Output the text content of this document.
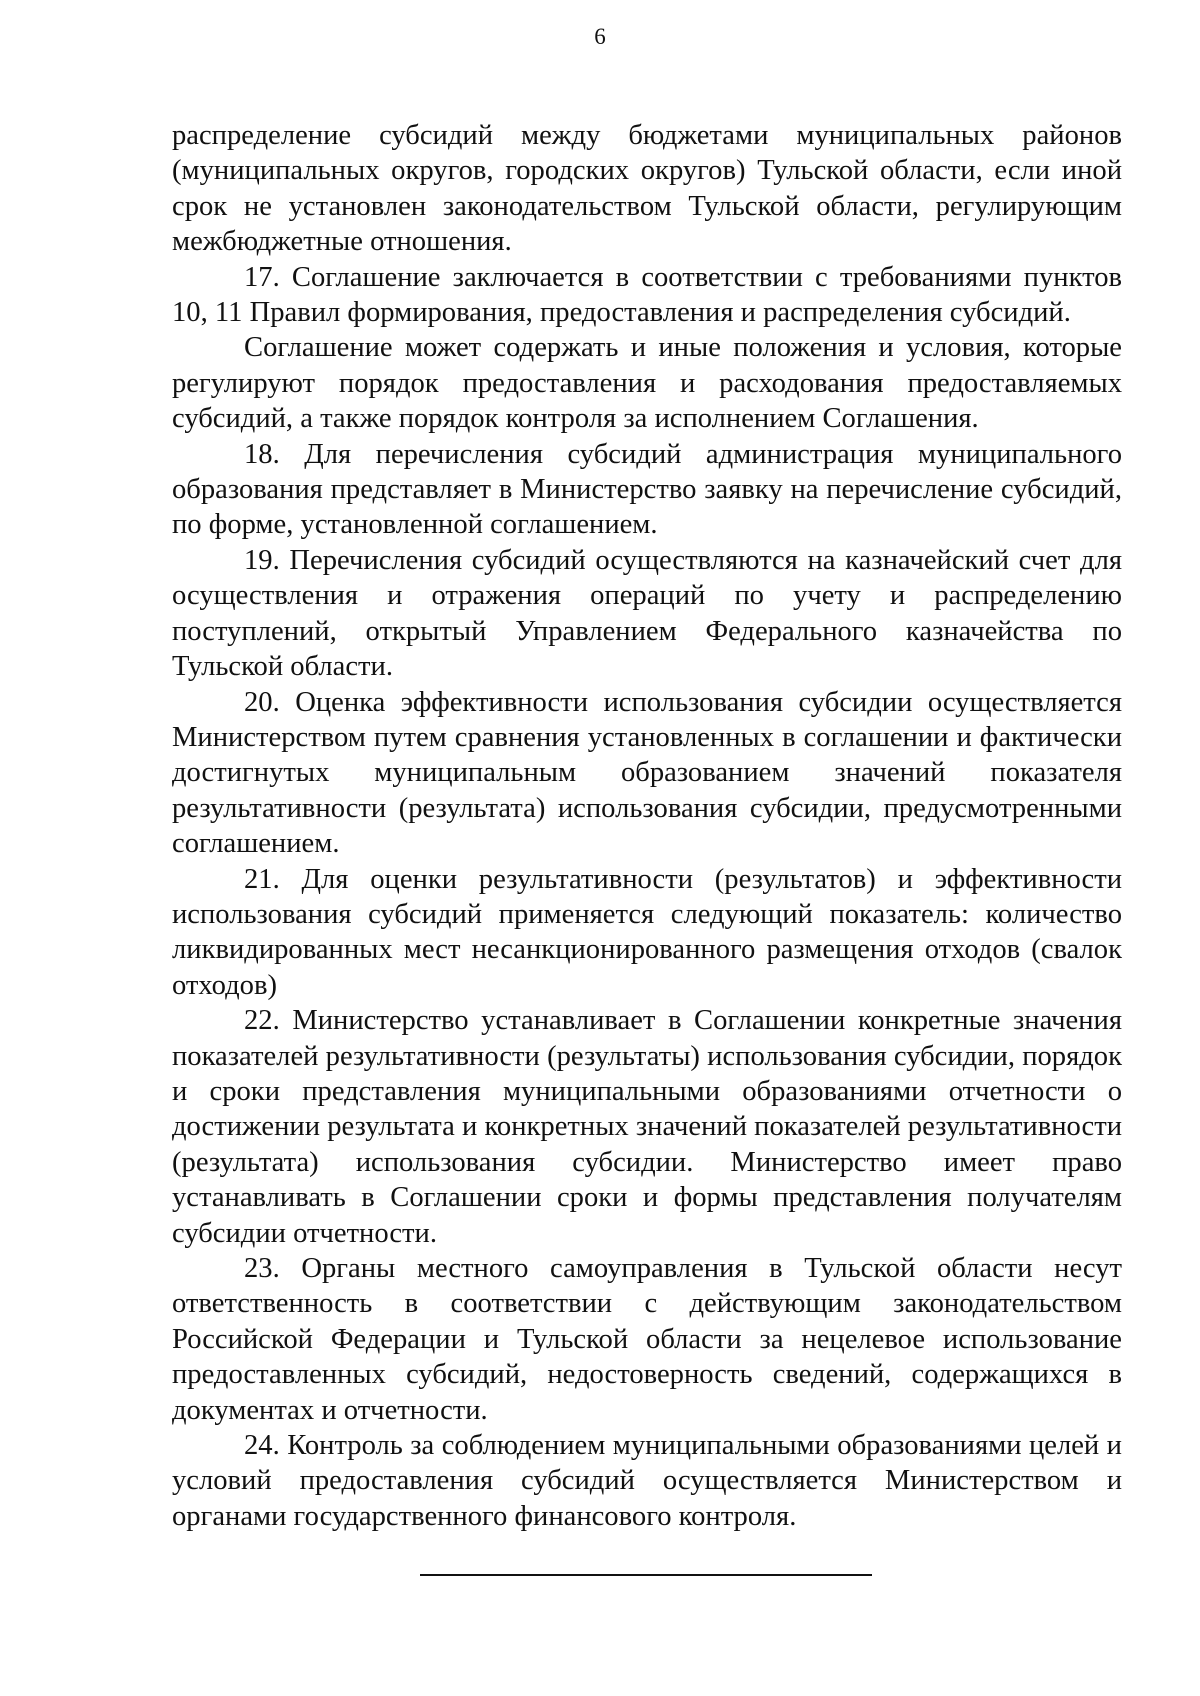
6

распределение субсидий между бюджетами муниципальных районов (муниципальных округов, городских округов) Тульской области, если иной срок не установлен законодательством Тульской области, регулирующим межбюджетные отношения.

17. Соглашение заключается в соответствии с требованиями пунктов 10, 11 Правил формирования, предоставления и распределения субсидий.

Соглашение может содержать и иные положения и условия, которые регулируют порядок предоставления и расходования предоставляемых субсидий, а также порядок контроля за исполнением Соглашения.

18. Для перечисления субсидий администрация муниципального образования представляет в Министерство заявку на перечисление субсидий, по форме, установленной соглашением.

19. Перечисления субсидий осуществляются на казначейский счет для осуществления и отражения операций по учету и распределению поступлений, открытый Управлением Федерального казначейства по Тульской области.

20. Оценка эффективности использования субсидии осуществляется Министерством путем сравнения установленных в соглашении и фактически достигнутых муниципальным образованием значений показателя результативности (результата) использования субсидии, предусмотренными соглашением.

21. Для оценки результативности (результатов) и эффективности использования субсидий применяется следующий показатель: количество ликвидированных мест несанкционированного размещения отходов (свалок отходов)

22. Министерство устанавливает в Соглашении конкретные значения показателей результативности (результаты) использования субсидии, порядок и сроки представления муниципальными образованиями отчетности о достижении результата и конкретных значений показателей результативности (результата) использования субсидии. Министерство имеет право устанавливать в Соглашении сроки и формы представления получателям субсидии отчетности.

23. Органы местного самоуправления в Тульской области несут ответственность в соответствии с действующим законодательством Российской Федерации и Тульской области за нецелевое использование предоставленных субсидий, недостоверность сведений, содержащихся в документах и отчетности.

24. Контроль за соблюдением муниципальными образованиями целей и условий предоставления субсидий осуществляется Министерством и органами государственного финансового контроля.
